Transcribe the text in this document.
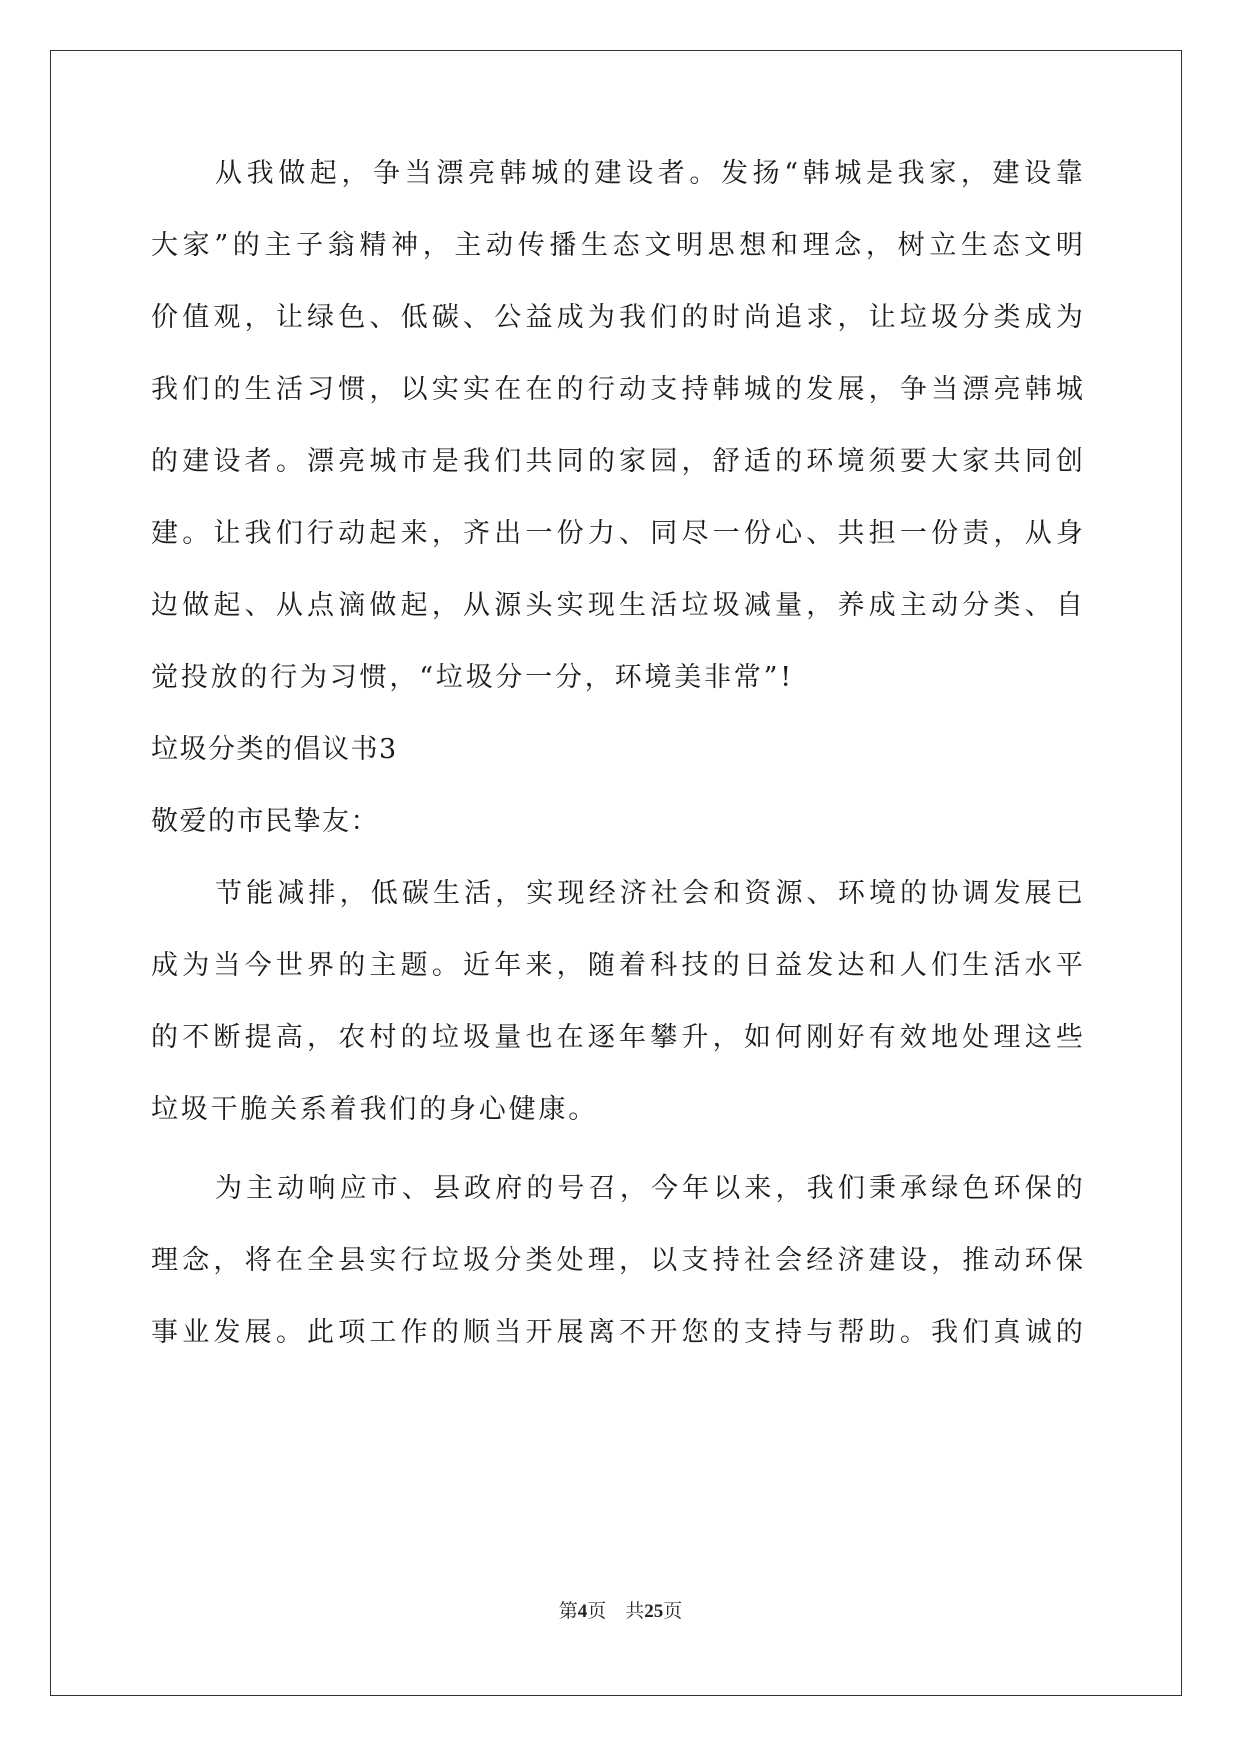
从 我 做 起 ， 争 当 漂 亮 韩 城 的 建 设 者 。 发 扬 “ 韩 城 是 我 家 ， 建 设 靠
大 家 ” 的 主 子 翁 精 神 ， 主 动 传 播 生 态 文 明 思 想 和 理 念 ， 树 立 生 态 文 明
价 值 观 ， 让 绿 色 、 低 碳 、 公 益 成 为 我 们 的 时 尚 追 求 ， 让 垃 圾 分 类 成 为
我 们 的 生 活 习 惯 ， 以 实 实 在 在 的 行 动 支 持 韩 城 的 发 展 ， 争 当 漂 亮 韩 城
的 建 设 者 。 漂 亮 城 市 是 我 们 共 同 的 家 园 ， 舒 适 的 环 境 须 要 大 家 共 同 创
建 。 让 我 们 行 动 起 来 ， 齐 出 一 份 力 、 同 尽 一 份 心 、 共 担 一 份 责 ， 从 身
边 做 起 、 从 点 滴 做 起 ， 从 源 头 实 现 生 活 垃 圾 减 量 ， 养 成 主 动 分 类 、 自
觉投放的行为习惯，“垃圾分一分，环境美非常”!
垃圾分类的倡议书3
敬爱的市民挚友：
节 能 减 排 ， 低 碳 生 活 ， 实 现 经 济 社 会 和 资 源 、 环 境 的 协 调 发 展 已
成 为 当 今 世 界 的 主 题 。 近 年 来 ， 随 着 科 技 的 日 益 发 达 和 人 们 生 活 水 平
的 不 断 提 高 ， 农 村 的 垃 圾 量 也 在 逐 年 攀 升 ， 如 何 刚 好 有 效 地 处 理 这 些
垃圾干脆关系着我们的身心健康。
为 主 动 响 应 市 、 县 政 府 的 号 召 ， 今 年 以 来 ， 我 们 秉 承 绿 色 环 保 的
理 念 ， 将 在 全 县 实 行 垃 圾 分 类 处 理 ， 以 支 持 社 会 经 济 建 设 ， 推 动 环 保
事 业 发 展 。 此 项 工 作 的 顺 当 开 展 离 不 开 您 的 支 持 与 帮 助 。 我 们 真 诚 的
第4页 共25页
